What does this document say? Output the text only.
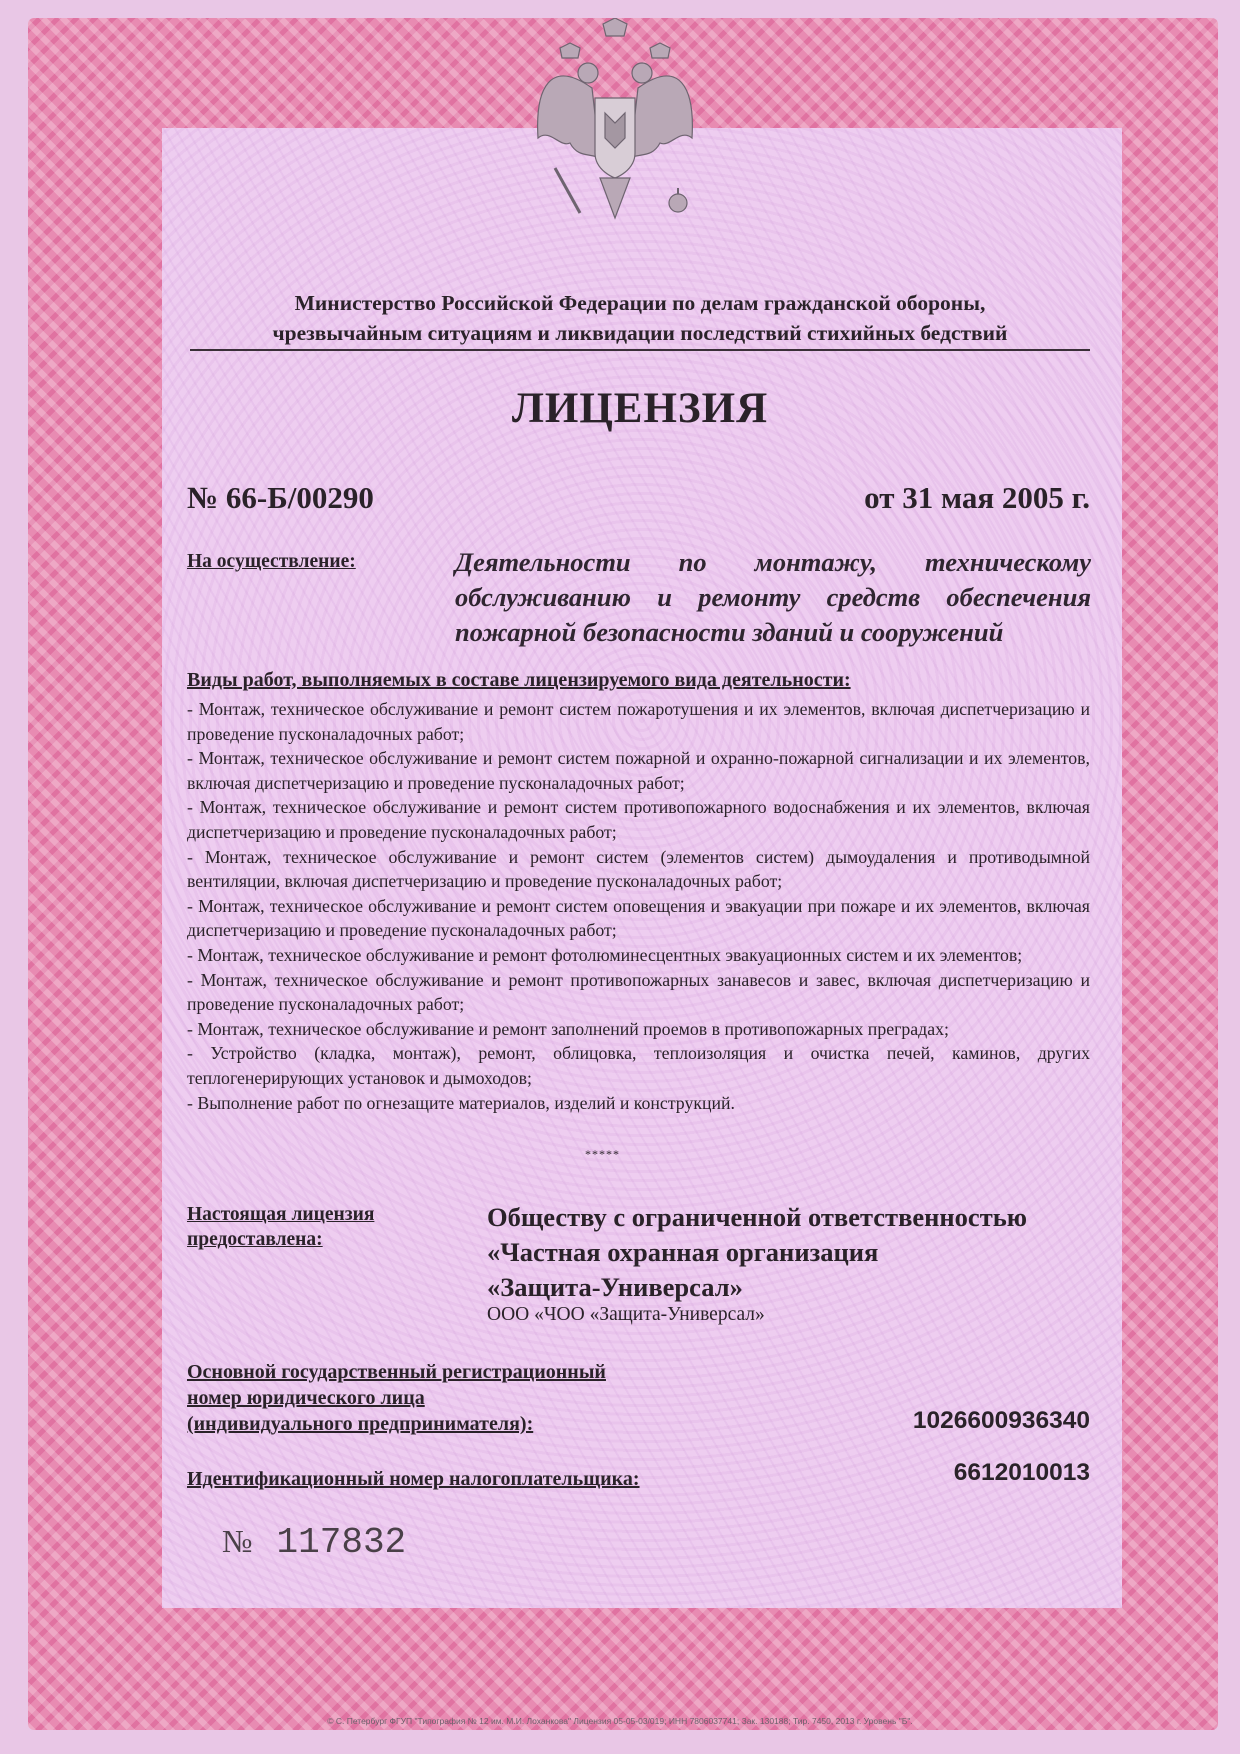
Министерство Российской Федерации по делам гражданской обороны,

чрезвычайным ситуациям и ликвидации последствий стихийных бедствий
ЛИЦЕНЗИЯ
№ 66-Б/00290	от 31 мая 2005 г.
На осуществление:	Деятельности по монтажу, техническому обслуживанию и ремонту средств обеспечения пожарной безопасности зданий и сооружений
Виды работ, выполняемых в составе лицензируемого вида деятельности:

- Монтаж, техническое обслуживание и ремонт систем пожаротушения и их элементов, включая диспетчеризацию и проведение пусконаладочных работ;

- Монтаж, техническое обслуживание и ремонт систем пожарной и охранно-пожарной сигнализации и их элементов, включая диспетчеризацию и проведение пусконаладочных работ;

- Монтаж, техническое обслуживание и ремонт систем противопожарного водоснабжения и их элементов, включая диспетчеризацию и проведение пусконаладочных работ;

- Монтаж, техническое обслуживание и ремонт систем (элементов систем) дымоудаления и противодымной вентиляции, включая диспетчеризацию и проведение пусконаладочных работ;

- Монтаж, техническое обслуживание и ремонт систем оповещения и эвакуации при пожаре и их элементов, включая диспетчеризацию и проведение пусконаладочных работ;

- Монтаж, техническое обслуживание и ремонт фотолюминесцентных эвакуационных систем и их элементов;

- Монтаж, техническое обслуживание и ремонт противопожарных занавесов и завес, включая диспетчеризацию и проведение пусконаладочных работ;

- Монтаж, техническое обслуживание и ремонт заполнений проемов в противопожарных преградах;

- Устройство (кладка, монтаж), ремонт, облицовка, теплоизоляция и очистка печей, каминов, других теплогенерирующих установок и дымоходов;

- Выполнение работ по огнезащите материалов, изделий и конструкций.

*****
Настоящая лицензия
предоставлена:
Обществу с ограниченной ответственностью
«Частная охранная организация
«Защита-Универсал»
ООО «ЧОО «Защита-Универсал»
Основной государственный регистрационный
номер юридического лица
(индивидуального предпринимателя):	1026600936340
Идентификационный номер налогоплательщика:	6612010013
№ 117832
© С. Петербург ФГУП "Типография № 12 им. М.И. Лоханкова" Лицензия 05-05-03/019; ИНН 7806037741; Зак. 130188; Тир. 7450, 2013 г. Уровень "Б".
